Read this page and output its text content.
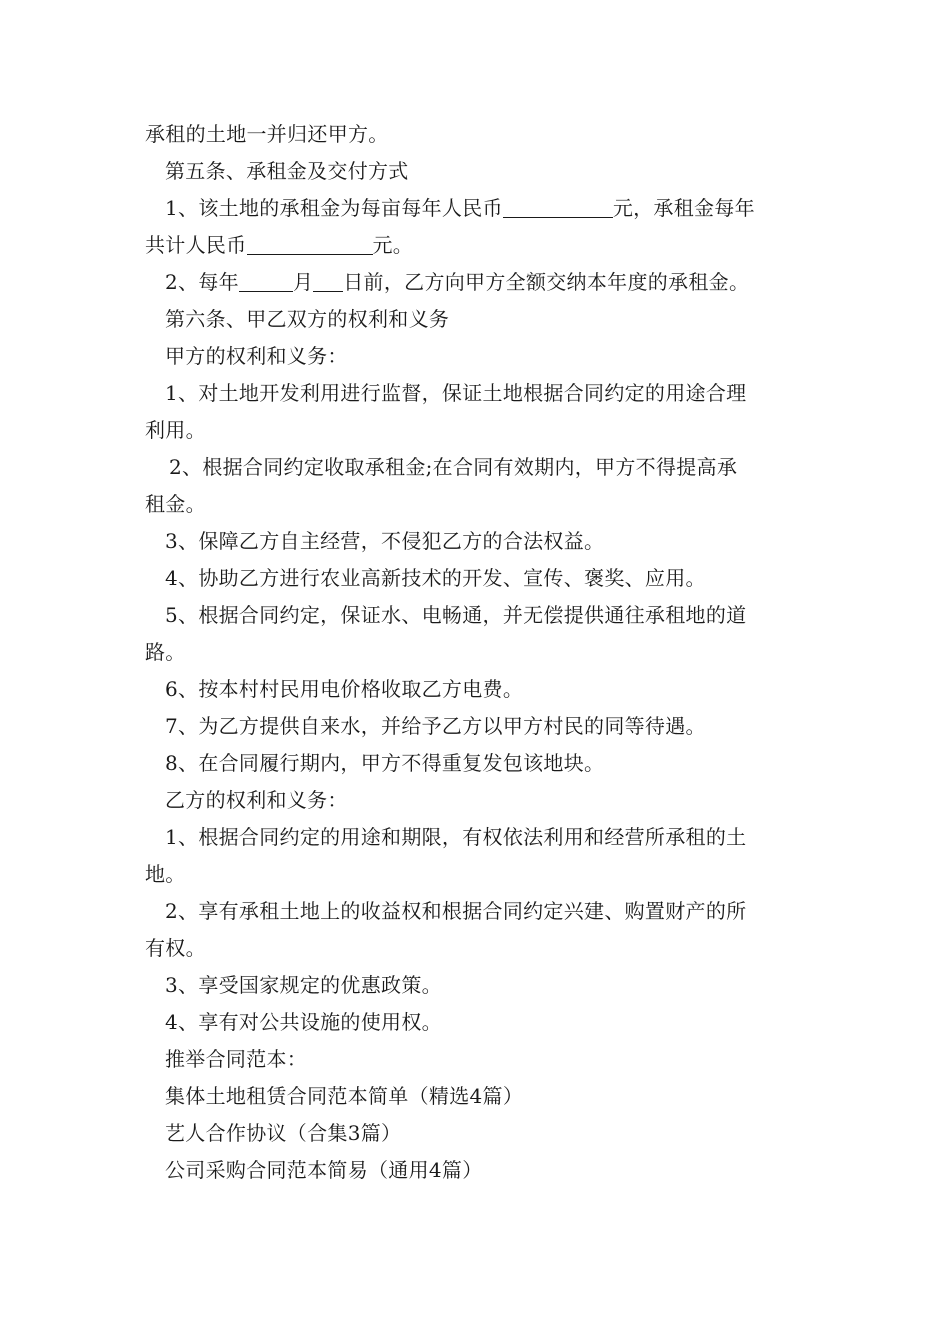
承租的土地一并归还甲方。
第五条、承租金及交付方式
1、该土地的承租金为每亩每年人民币	元，承租金每年
共计人民币	元。
2、每年	月 日前，乙方向甲方全额交纳本年度的承租金。
第六条、甲乙双方的权利和义务
甲方的权利和义务：
1、对土地开发利用进行监督，保证土地根据合同约定的用途合理
利用。
2、根据合同约定收取承租金;在合同有效期内，甲方不得提高承
租金。
3、保障乙方自主经营，不侵犯乙方的合法权益。
4、协助乙方进行农业高新技术的开发、宣传、褒奖、应用。
5、根据合同约定，保证水、电畅通，并无偿提供通往承租地的道
路。
6、按本村村民用电价格收取乙方电费。
7、为乙方提供自来水，并给予乙方以甲方村民的同等待遇。
8、在合同履行期内，甲方不得重复发包该地块。
乙方的权利和义务：
1、根据合同约定的用途和期限，有权依法利用和经营所承租的土
地。
2、享有承租土地上的收益权和根据合同约定兴建、购置财产的所
有权。
3、享受国家规定的优惠政策。
4、享有对公共设施的使用权。
推举合同范本：
集体土地租赁合同范本简单（精选4篇）
艺人合作协议（合集3篇）
公司采购合同范本简易（通用4篇）
